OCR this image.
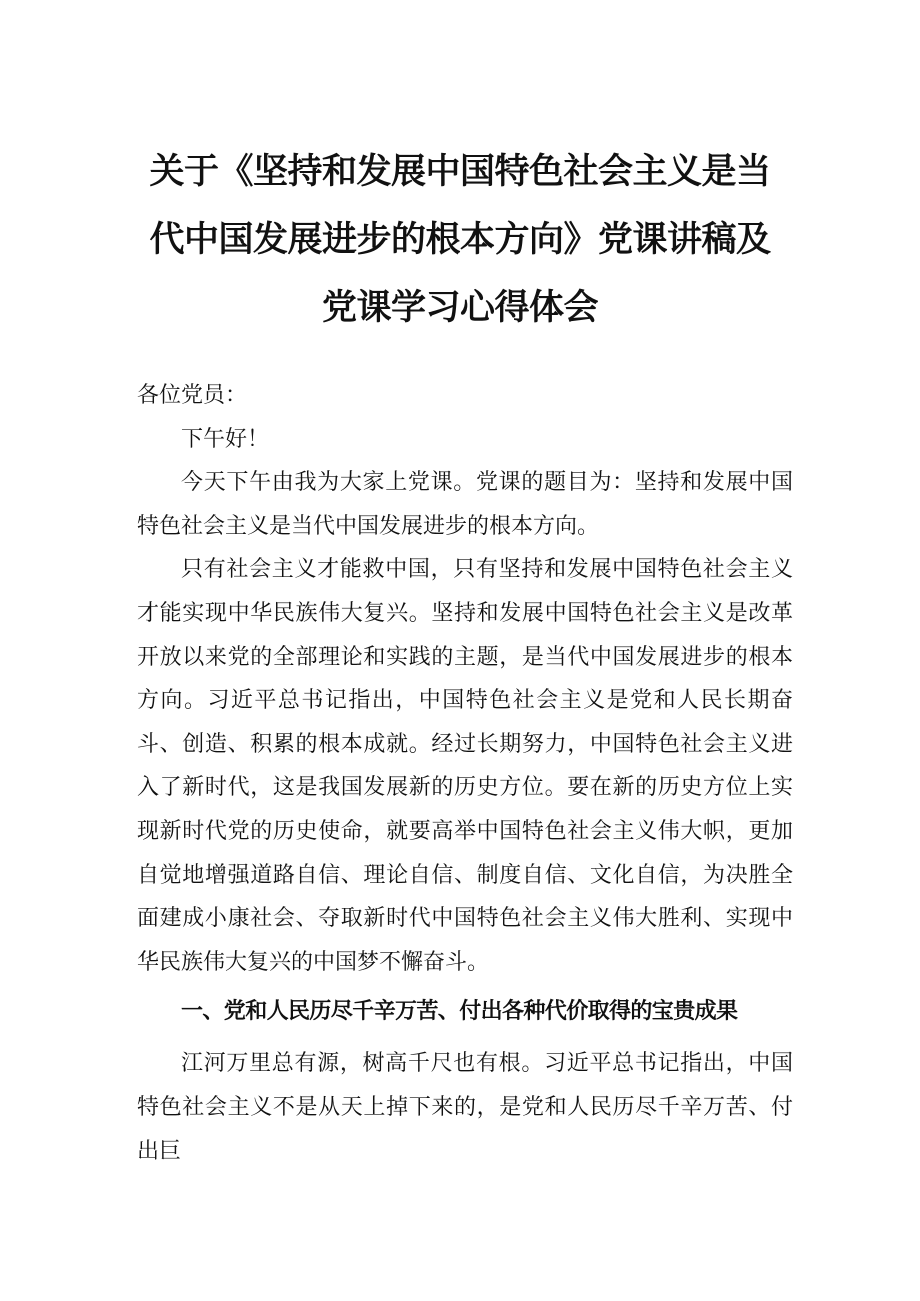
关于《坚持和发展中国特色社会主义是当
代中国发展进步的根本方向》党课讲稿及
党课学习心得体会

各位党员：

下午好！

今天下午由我为大家上党课。党课的题目为：坚持和发展中国特色社会主义是当代中国发展进步的根本方向。

只有社会主义才能救中国，只有坚持和发展中国特色社会主义才能实现中华民族伟大复兴。坚持和发展中国特色社会主义是改革开放以来党的全部理论和实践的主题，是当代中国发展进步的根本方向。习近平总书记指出，中国特色社会主义是党和人民长期奋斗、创造、积累的根本成就。经过长期努力，中国特色社会主义进入了新时代，这是我国发展新的历史方位。要在新的历史方位上实现新时代党的历史使命，就要高举中国特色社会主义伟大帜，更加自觉地增强道路自信、理论自信、制度自信、文化自信，为决胜全面建成小康社会、夺取新时代中国特色社会主义伟大胜利、实现中华民族伟大复兴的中国梦不懈奋斗。

一、党和人民历尽千辛万苦、付出各种代价取得的宝贵成果

江河万里总有源，树高千尺也有根。习近平总书记指出，中国特色社会主义不是从天上掉下来的，是党和人民历尽千辛万苦、付出巨
